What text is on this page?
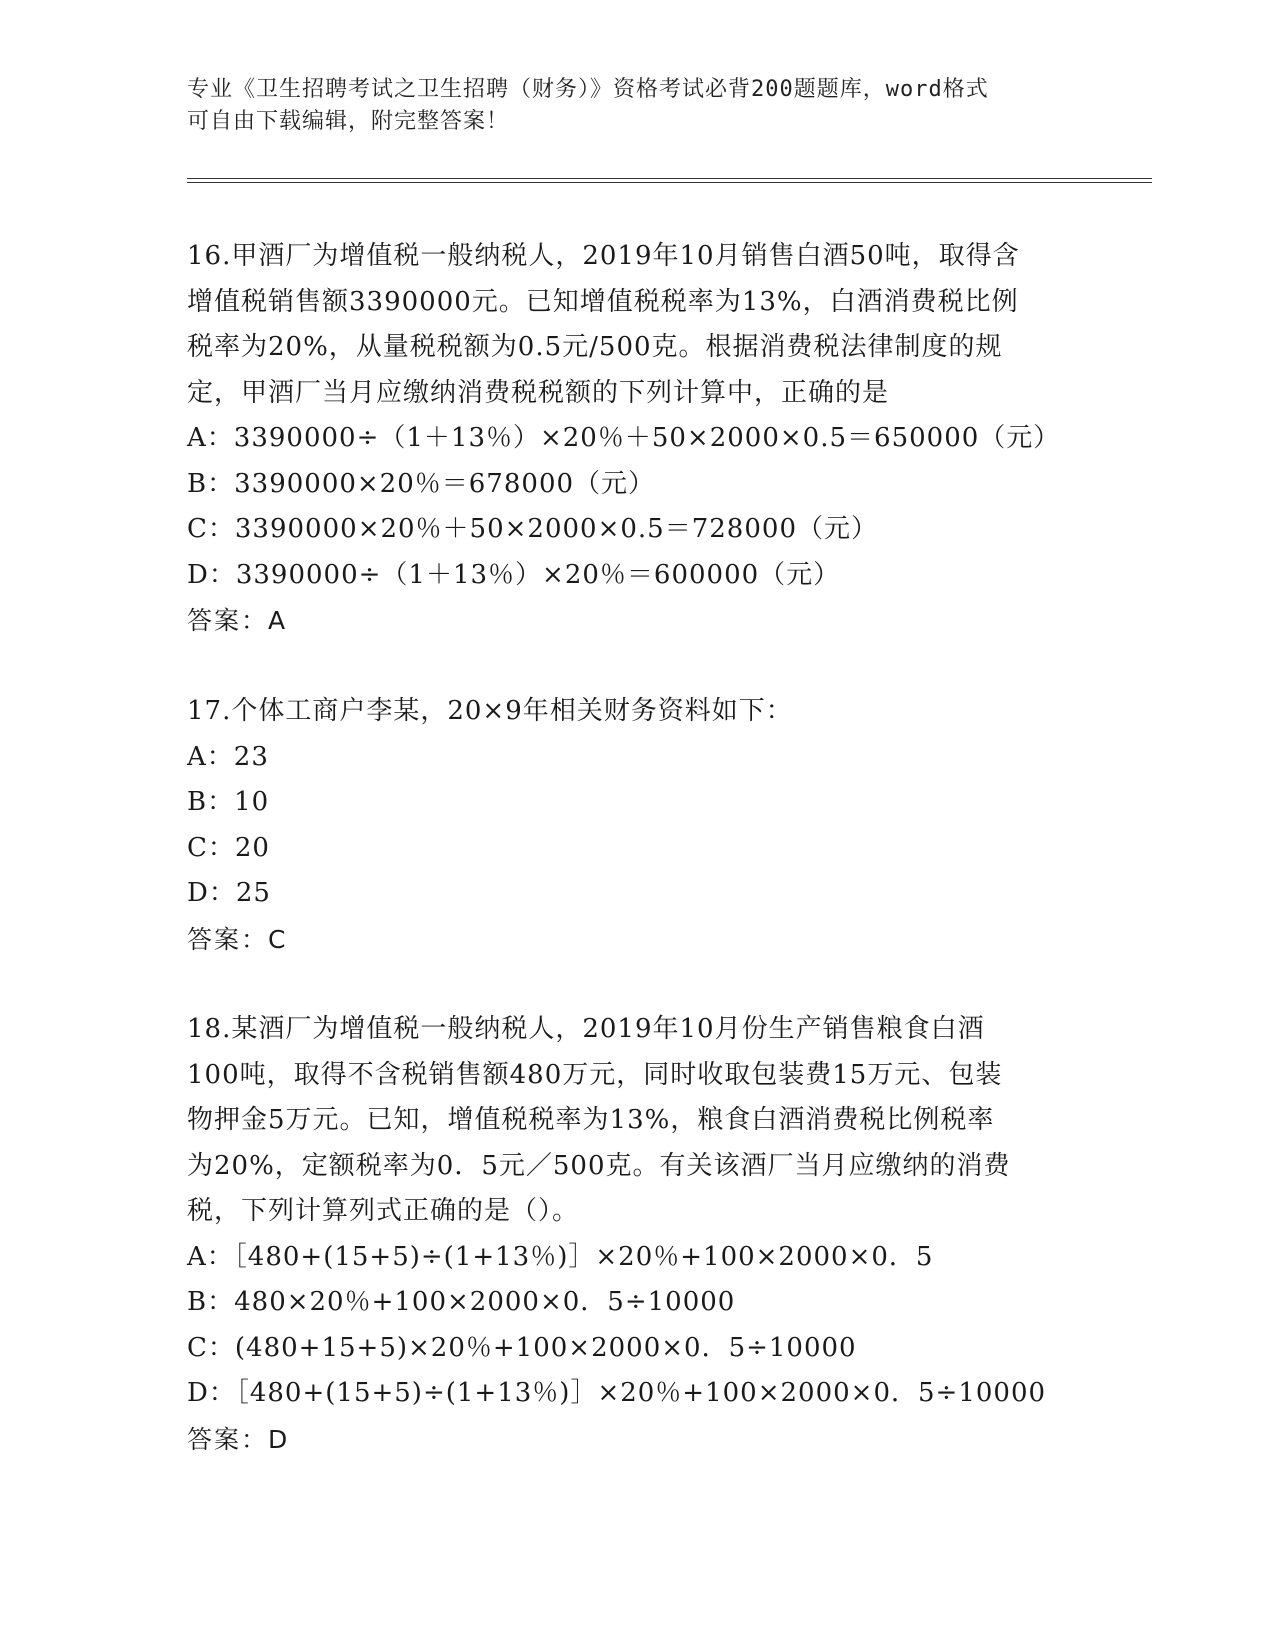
专业《卫生招聘考试之卫生招聘（财务）》资格考试必背200题题库，word格式
可自由下载编辑，附完整答案！
16.甲酒厂为增值税一般纳税人，2019年10月销售白酒50吨，取得含
增值税销售额3390000元。已知增值税税率为13%，白酒消费税比例
税率为20%，从量税税额为0.5元/500克。根据消费税法律制度的规
定，甲酒厂当月应缴纳消费税税额的下列计算中，正确的是
A：3390000÷（1＋13％）×20％＋50×2000×0.5＝650000（元）
B：3390000×20％＝678000（元）
C：3390000×20％＋50×2000×0.5＝728000（元）
D：3390000÷（1＋13％）×20％＝600000（元）
答案：A
17.个体工商户李某，20×9年相关财务资料如下：
A：23
B：10
C：20
D：25
答案：C
18.某酒厂为增值税一般纳税人，2019年10月份生产销售粮食白酒
100吨，取得不含税销售额480万元，同时收取包装费15万元、包装
物押金5万元。已知，增值税税率为13%，粮食白酒消费税比例税率
为20%，定额税率为0．5元／500克。有关该酒厂当月应缴纳的消费
税，下列计算列式正确的是（）。
A：［480+(15+5)÷(1+13％)］×20％+100×2000×0．5
B：480×20％+100×2000×0．5÷10000
C：(480+15+5)×20％+100×2000×0．5÷10000
D：［480+(15+5)÷(1+13％)］×20％+100×2000×0．5÷10000
答案：D
